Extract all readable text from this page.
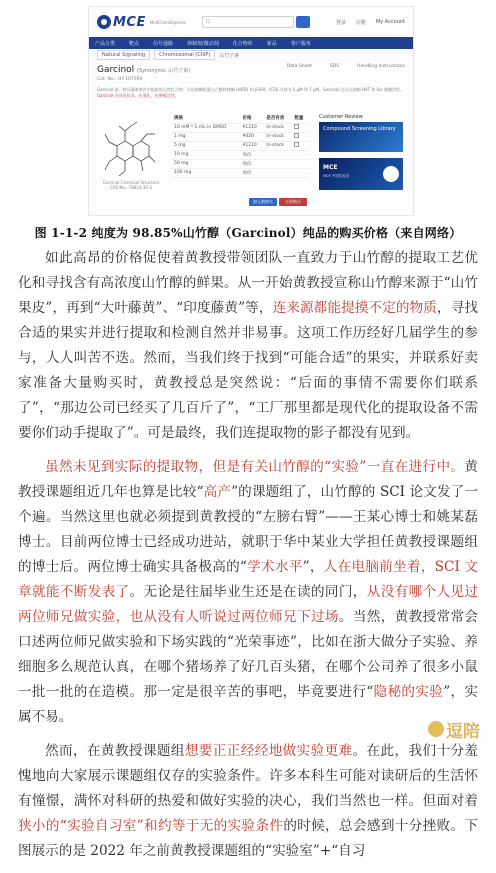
MCE MedChemExpress	Q	登录 注册 My Account
产品分类	靶点	信号通路	抑制剂/激动剂	化合物库	新品	客户服务
Natural Signaling	Chromosomal (ChIP)	山竹子素
Garcinol (Synonyms: 山竹子素)
Data Sheet	SDS	Handling Instructions
Cat. No.: HY-107569
Garcinol 是一种从藤黄果皮中提取的天然化合物，可以抑制组蛋白乙酰转移酶 (HATs) 和 p300，IC50 分别为 5 μM 和 7 μM。Garcinol 还可以抑制 HAT 和 Src 激酶活性。 Garcinol 还具有抗炎、抗氧化、抗肿瘤活性。
Garcinol Chemical Structure CAS No.: 78824-30-3
规格	价格	是否有货	数量
10 mM * 1 mL in DMSO	¥1210	In-stock	
1 mg	¥420	In-stock	
5 mg	¥1210	In-stock	
10 mg	询价		
50 mg	询价		
100 mg	询价		
加入购物车	立即购买
Customer Review
Compound Screening Library
MCE
MCE 中国实验室
图 1-1-2 纯度为 98.85%山竹醇（Garcinol）纯品的购买价格（来自网络）

如此高昂的价格促使着黄教授带领团队一直致力于山竹醇的提取工艺优化和寻找含有高浓度山竹醇的鲜果。从一开始黄教授宣称山竹醇来源于“山竹果皮”，再到“大叶藤黄”、“印度藤黄”等，连来源都能提摸不定的物质，寻找合适的果实并进行提取和检测自然并非易事。这项工作历经好几届学生的参与，人人叫苦不迭。然而，当我们终于找到“可能合适”的果实，并联系好卖家准备大量购买时，黄教授总是突然说：“后面的事情不需要你们联系了”，“那边公司已经买了几百斤了”，“工厂那里都是现代化的提取设备不需要你们动手提取了”。可是最终，我们连提取物的影子都没有见到。

虽然未见到实际的提取物，但是有关山竹醇的“实验”一直在进行中。黄教授课题组近几年也算是比较“高产”的课题组了，山竹醇的 SCI 论文发了一个遍。当然这里也就必须提到黄教授的“左膀右臂”——王某心博士和姚某磊博士。目前两位博士已经成功进站，就职于华中某业大学担任黄教授课题组的博士后。两位博士确实具备极高的“学术水平”，人在电脑前坐着，SCI 文章就能不断发表了。无论是往届毕业生还是在读的同门，从没有哪个人见过两位师兄做实验，也从没有人听说过两位师兄下过场。当然，黄教授常常会口述两位师兄做实验和下场实践的“光荣事迹”，比如在浙大做分子实验、养细胞多么规范认真，在哪个猪场养了好几百头猪，在哪个公司养了很多小鼠一批一批的在造模。那一定是很辛苦的事吧，毕竟要进行“隐秘的实验”，实属不易。

然而，在黄教授课题组想要正正经经地做实验更难。在此，我们十分羞愧地向大家展示课题组仅存的实验条件。许多本科生可能对读研后的生活怀有憧憬，满怀对科研的热爱和做好实验的决心，我们当然也一样。但面对着狭小的“实验自习室”和约等于无的实验条件的时候，总会感到十分挫败。下图展示的是 2022 年之前黄教授课题组的“实验室”+“自习

逗陪
